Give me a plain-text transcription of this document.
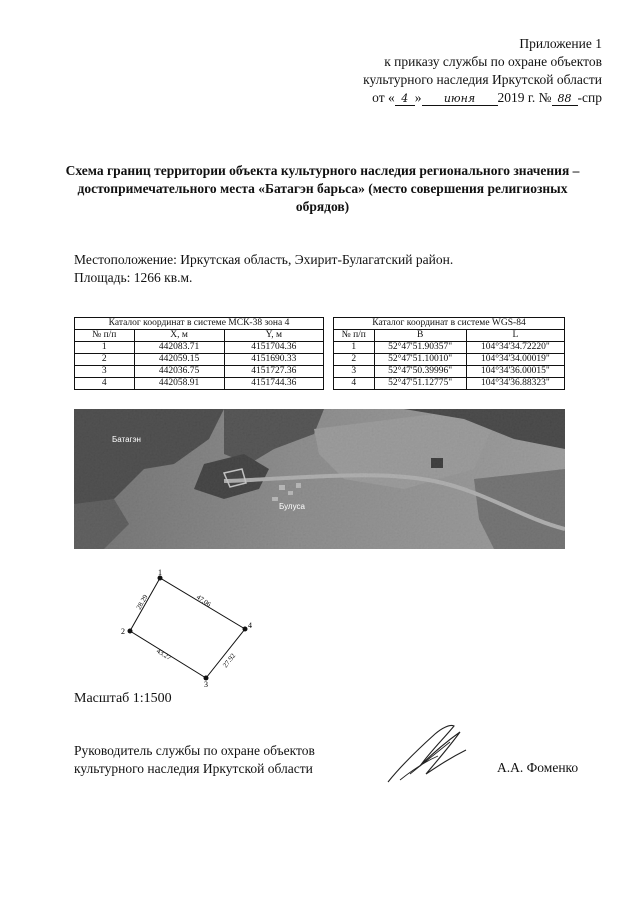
Приложение 1
к приказу службы по охране объектов
культурного наследия Иркутской области
от « 4 » июня 2019 г. № 88 -спр
Схема границ территории объекта культурного наследия регионального значения – достопримечательного места «Батагэн барьса» (место совершения религиозных обрядов)
Местоположение: Иркутская область, Эхирит-Булагатский район.
Площадь: 1266 кв.м.
Каталог координат в системе МСК-38 зона 4		
№ п/п	X, м	Y, м
1	442083.71	4151704.36
2	442059.15	4151690.33
3	442036.75	4151727.36
4	442058.91	4151744.36
Каталог координат в системе WGS-84		
№ п/п	B	L
1	52°47'51.90357"	104°34'34.72220"
2	52°47'51.10010"	104°34'34.00019"
3	52°47'50.39996"	104°34'36.00015"
4	52°47'51.12775"	104°34'36.88323"
Батагэн
Булуса
1
2
3
4
28.29	47.06
43.27	27.92
Масштаб 1:1500
Руководитель службы по охране объектов
культурного наследия Иркутской области	А.А. Фоменко
